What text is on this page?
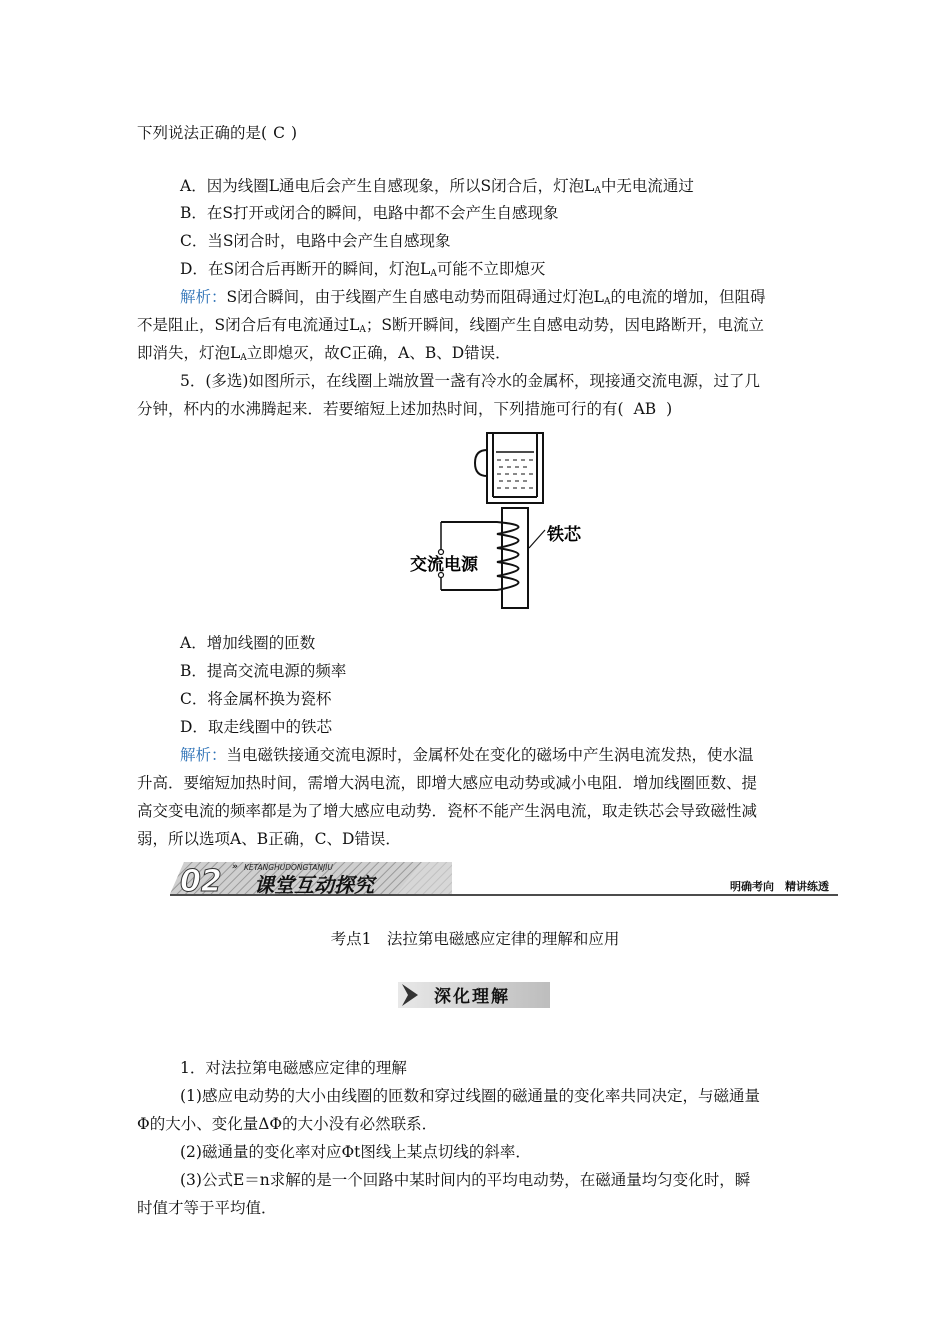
下列说法正确的是( C )
A．因为线圈L通电后会产生自感现象，所以S闭合后，灯泡$L_A$中无电流通过
B．在S打开或闭合的瞬间，电路中都不会产生自感现象
C．当S闭合时，电路中会产生自感现象
D．在S闭合后再断开的瞬间，灯泡$L_A$可能不立即熄灭
解析：S闭合瞬间，由于线圈产生自感电动势而阻碍通过灯泡$L_A$的电流的增加，但阻碍
不是阻止，S闭合后有电流通过$L_A$；S断开瞬间，线圈产生自感电动势，因电路断开，电流立
即消失，灯泡$L_A$立即熄灭，故C正确，A、B、D错误．
5．(多选)如图所示，在线圈上端放置一盏有冷水的金属杯，现接通交流电源，过了几
分钟，杯内的水沸腾起来．若要缩短上述加热时间，下列措施可行的有( AB )
铁芯
交流电源
A．增加线圈的匝数
B．提高交流电源的频率
C．将金属杯换为瓷杯
D．取走线圈中的铁芯
解析：当电磁铁接通交流电源时，金属杯处在变化的磁场中产生涡电流发热，使水温
升高．要缩短加热时间，需增大涡电流，即增大感应电动势或减小电阻．增加线圈匝数、提
高交变电流的频率都是为了增大感应电动势．瓷杯不能产生涡电流，取走铁芯会导致磁性减
弱，所以选项A、B正确，C、D错误．
02 » KETANGHUDONGTANJIU
课堂互动探究	明确考向　精讲练透
考点1　法拉第电磁感应定律的理解和应用
深化理解
1．对法拉第电磁感应定律的理解
(1)感应电动势的大小由线圈的匝数和穿过线圈的磁通量的变化率共同决定，与磁通量
Φ的大小、变化量ΔΦ的大小没有必然联系．
(2)磁通量的变化率对应Φt图线上某点切线的斜率．
(3)公式E＝n求解的是一个回路中某时间内的平均电动势，在磁通量均匀变化时，瞬
时值才等于平均值．
